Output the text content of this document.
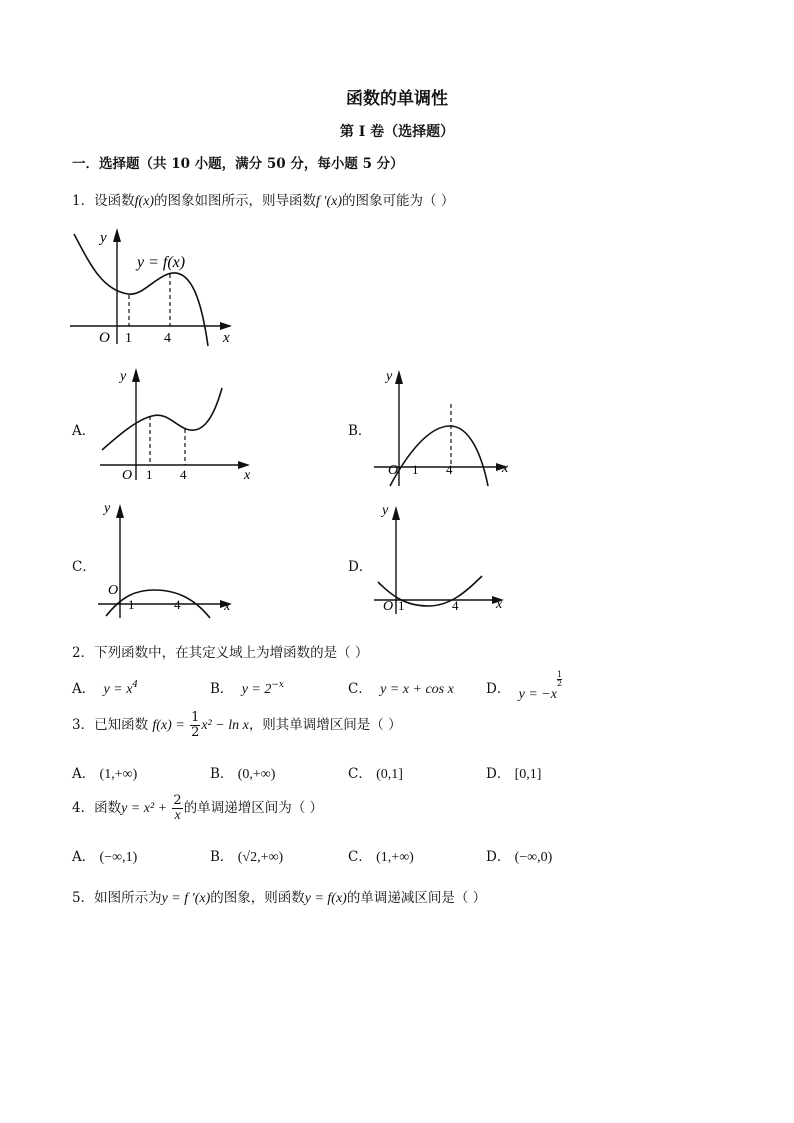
函数的单调性
第 I 卷（选择题）
一．选择题（共 10 小题，满分 50 分，每小题 5 分）
1．设函数f(x)的图象如图所示，则导函数f ′(x)的图象可能为（ ）
y
x
O 1 4
y = f(x)
A．
y
x
O 1 4
B．
y
x
O 1 4
C．
y
x
O
1	4
D．
y
x
O 1	4
2．下列函数中，在其定义域上为增函数的是（ ）
A． $y = x^4$	B． $y = 2^{-x}$	C． y = x + cos x D． y = −x
$\frac{1}{2}$
3．已知函数 $f(x) = \frac{1}{2} x^2 - \ln x$，则其单调增区间是（ ）
A． (1,+∞)	B． (0,+∞)	C． (0,1]	D． [0,1]
4．函数$y = x^2 + \frac{2}{x}$ 的单调递增区间为（ ）
A． (−∞,1)	B． (√2,+∞)	C． (1,+∞)	D． (−∞,0)
5．如图所示为y = f ′(x)的图象，则函数y = f(x)的单调递减区间是（ ）
